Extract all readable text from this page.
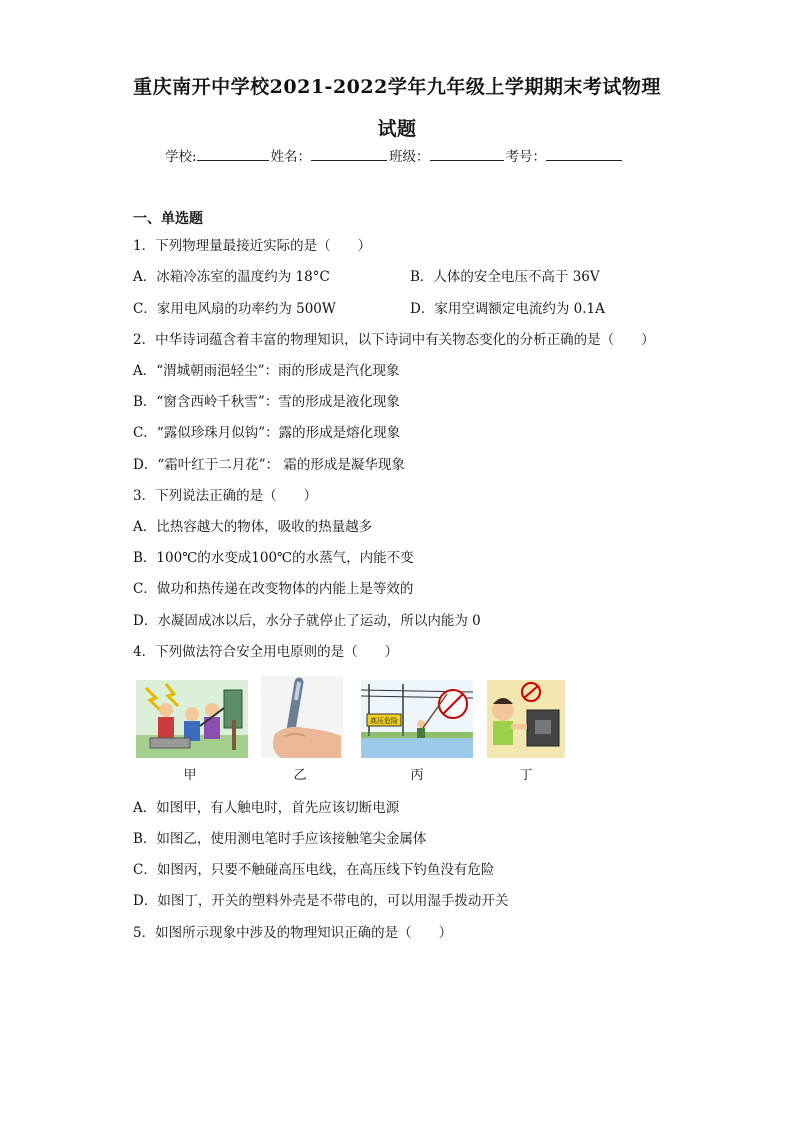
重庆南开中学校2021-2022学年九年级上学期期末考试物理
试题
学校:	姓名：	班级：	考号：
一、单选题
1．下列物理量最接近实际的是（　　）
A．冰箱冷冻室的温度约为 18°C	B．人体的安全电压不高于 36V
C．家用电风扇的功率约为 500W	D．家用空调额定电流约为 0.1A
2．中华诗词蕴含着丰富的物理知识，以下诗词中有关物态变化的分析正确的是（　　）
A．“渭城朝雨浥轻尘”：雨的形成是汽化现象
B．“窗含西岭千秋雪”：雪的形成是液化现象
C．“露似珍珠月似钩”：露的形成是熔化现象
D．“霜叶红于二月花”： 霜的形成是凝华现象
3．下列说法正确的是（　　）
A．比热容越大的物体，吸收的热量越多
B．100℃的水变成100℃的水蒸气，内能不变
C．做功和热传递在改变物体的内能上是等效的
D．水凝固成冰以后，水分子就停止了运动，所以内能为 0
4．下列做法符合安全用电原则的是（　　）
高压危险
甲	乙	丙	丁
A．如图甲，有人触电时，首先应该切断电源
B．如图乙，使用测电笔时手应该接触笔尖金属体
C．如图丙，只要不触碰高压电线，在高压线下钓鱼没有危险
D．如图丁，开关的塑料外壳是不带电的，可以用湿手拨动开关
5．如图所示现象中涉及的物理知识正确的是（　　）
